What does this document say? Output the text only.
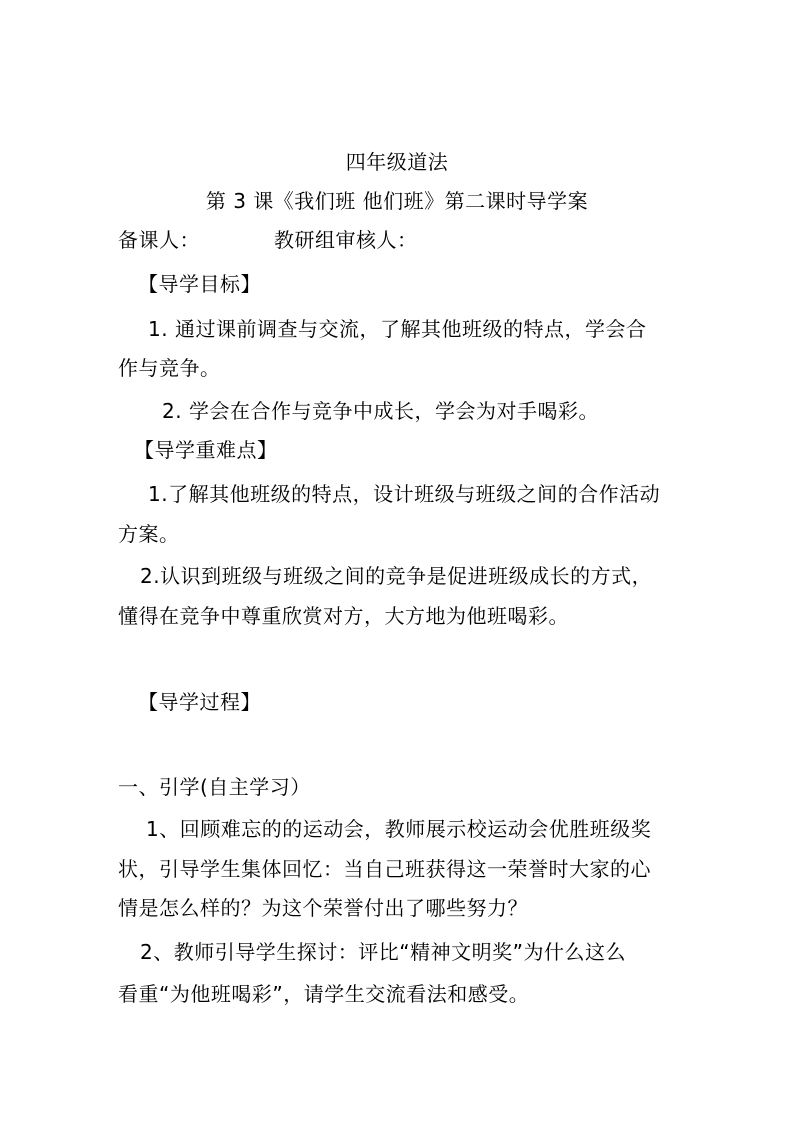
四年级道法
第 3 课《我们班 他们班》第二课时导学案
备课人：	教研组审核人：
【导学目标】
1. 通过课前调查与交流，了解其他班级的特点，学会合
作与竞争。
2. 学会在合作与竞争中成长，学会为对手喝彩。
【导学重难点】
1.了解其他班级的特点，设计班级与班级之间的合作活动
方案。
2.认识到班级与班级之间的竞争是促进班级成长的方式，
懂得在竞争中尊重欣赏对方，大方地为他班喝彩。
【导学过程】
一、引学(自主学习）
1、回顾难忘的的运动会，教师展示校运动会优胜班级奖
状，引导学生集体回忆：当自己班获得这一荣誉时大家的心
情是怎么样的？为这个荣誉付出了哪些努力？
2、教师引导学生探讨：评比“精神文明奖”为什么这么
看重“为他班喝彩”，请学生交流看法和感受。
